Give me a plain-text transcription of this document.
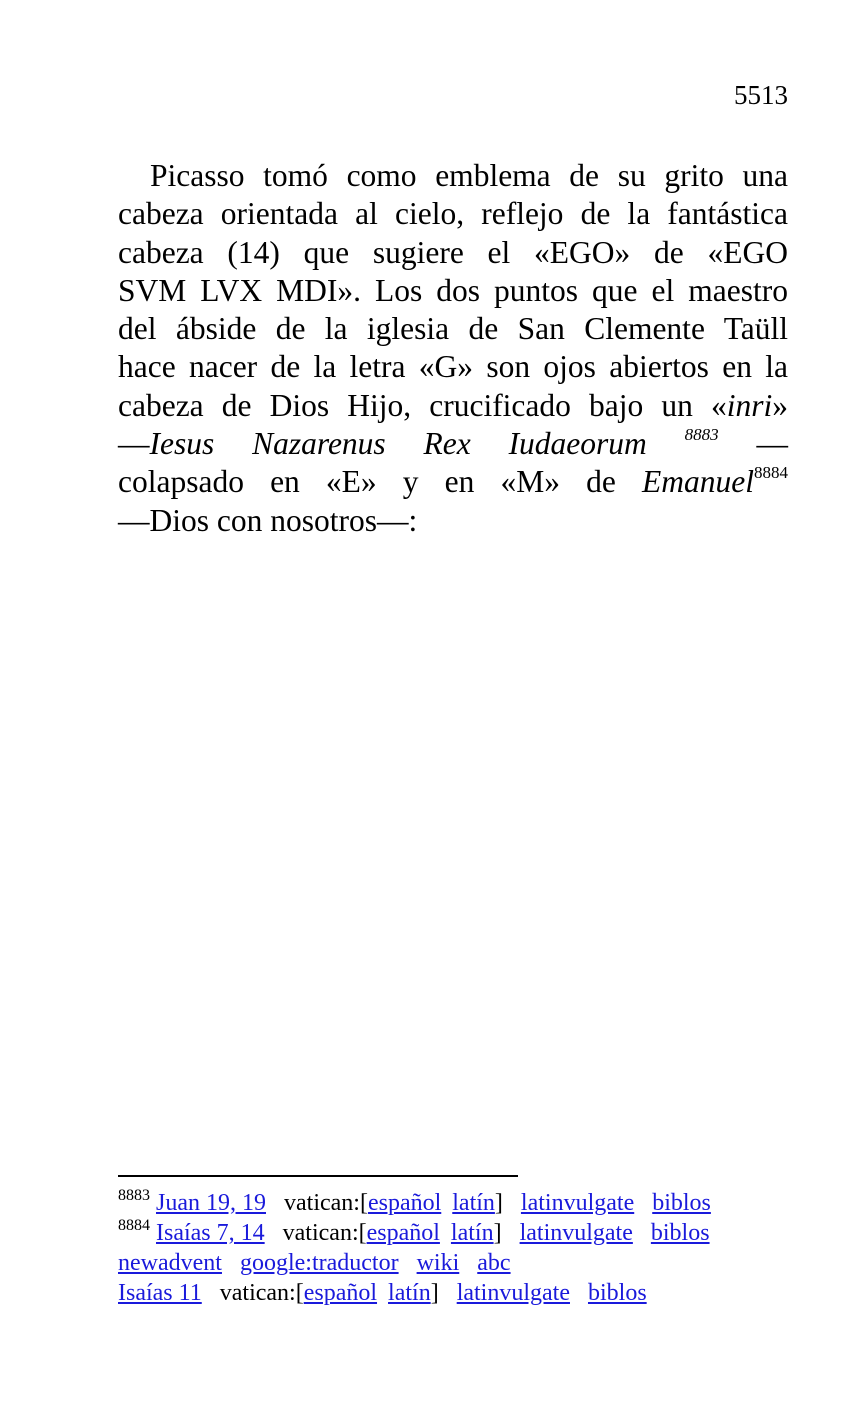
5513
Picasso tomó como emblema de su grito una
cabeza orientada al cielo, reflejo de la fantástica
cabeza (14) que sugiere el «EGO» de «EGO
SVM LVX MDI». Los dos puntos que el maestro
del ábside de la iglesia de San Clemente Taüll
hace nacer de la letra «G» son ojos abiertos en la
cabeza de Dios Hijo, crucificado bajo un «inri»
—Iesus Nazarenus Rex Iudaeorum $^{8883}$ —
colapsado en «E» y en «M» de Emanuel$^{8884}$
—Dios con nosotros—:
$^{8883}$ Juan 19, 19 vatican:[español latín] latinvulgate biblos
$^{8884}$ Isaías 7, 14 vatican:[español latín] latinvulgate biblos
newadvent google:traductor wiki abc
Isaías 11 vatican:[español latín] latinvulgate biblos
